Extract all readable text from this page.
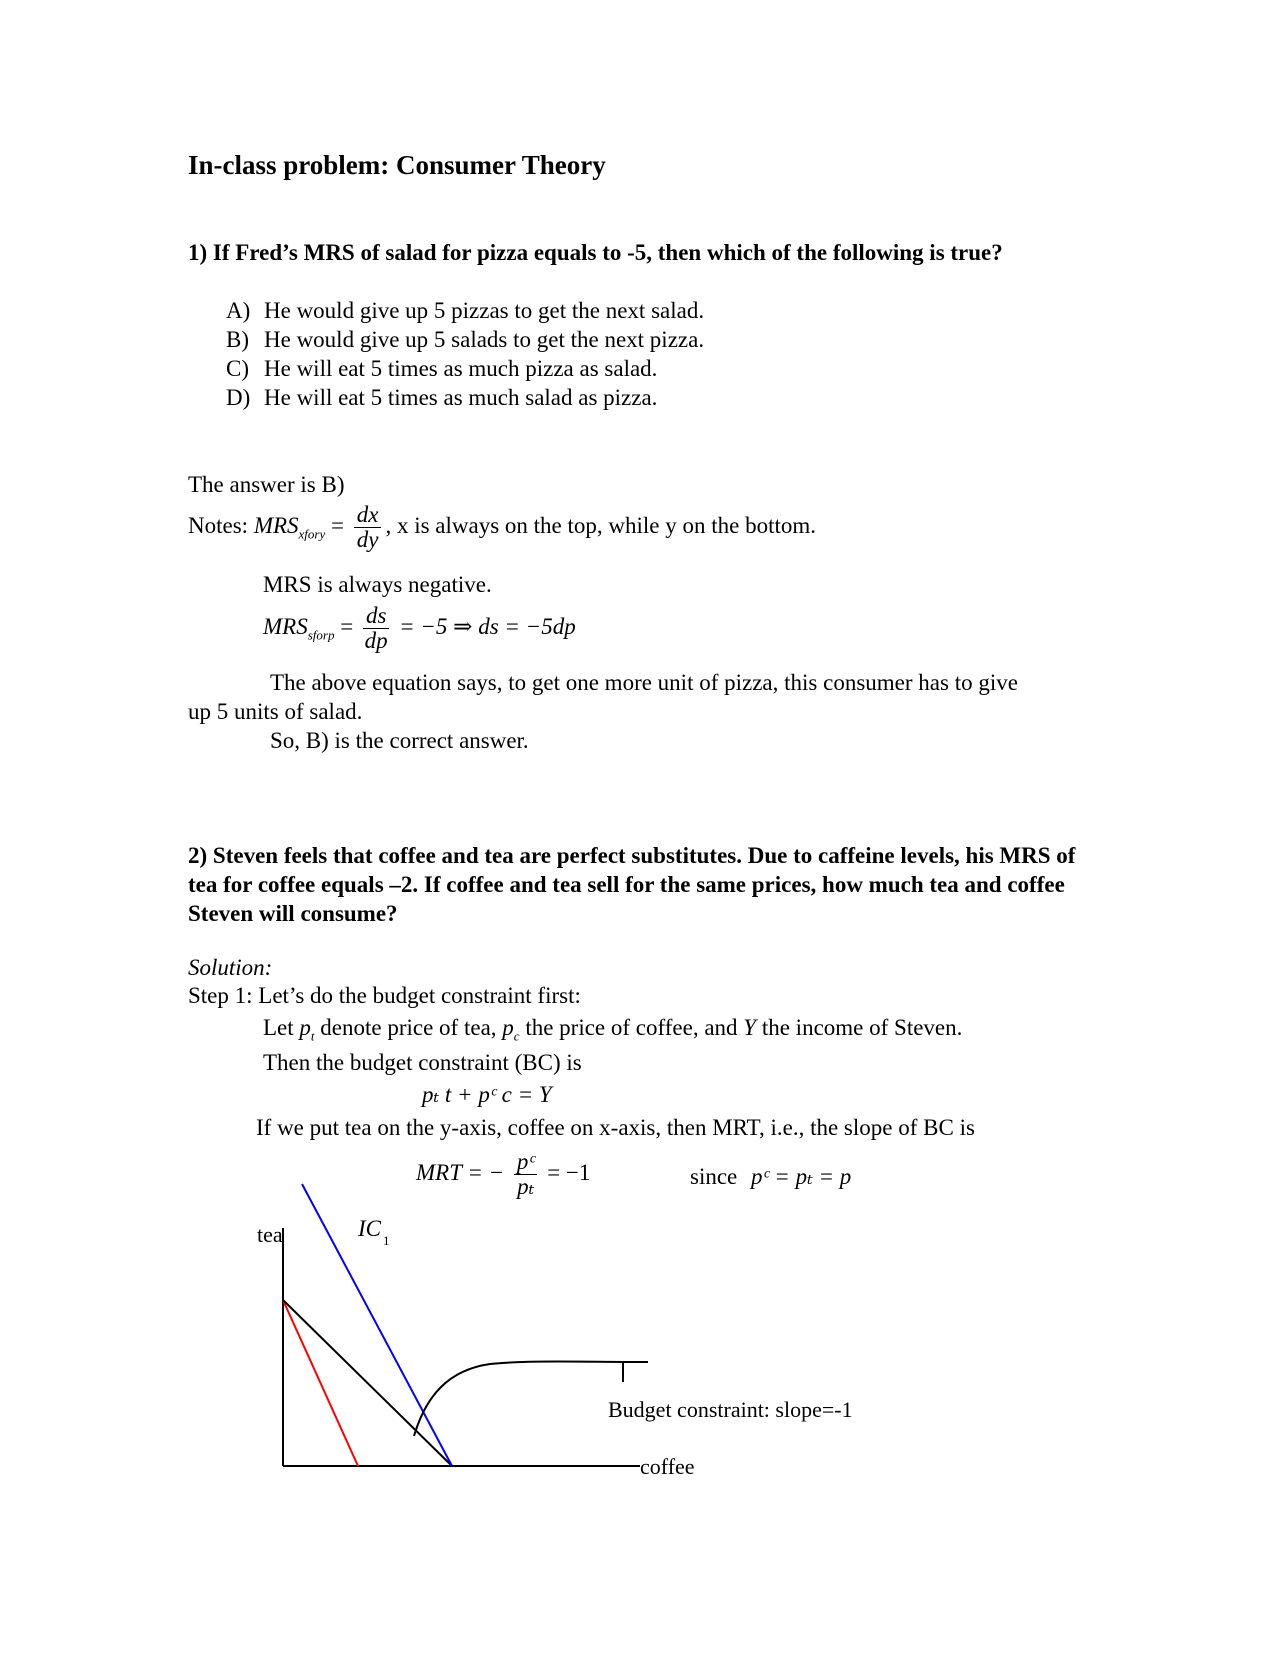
In-class problem: Consumer Theory
1) If Fred’s MRS of salad for pizza equals to -5, then which of the following is true?
A) He would give up 5 pizzas to get the next salad.
B) He would give up 5 salads to get the next pizza.
C) He will eat 5 times as much pizza as salad.
D) He will eat 5 times as much salad as pizza.
The answer is B)
Notes: $MRS_{xfory} = \frac{dx}{dy}$ , x is always on the top, while y on the bottom.
MRS is always negative.
$MRS_{sforp} = \frac{ds}{dp} = -5$ ⇒ ds = −5dp
The above equation says, to get one more unit of pizza, this consumer has to give
up 5 units of salad.
So, B) is the correct answer.
2) Steven feels that coffee and tea are perfect substitutes. Due to caffeine levels, his MRS of tea for coffee equals –2. If coffee and tea sell for the same prices, how much tea and coffee Steven will consume?
Solution:
Step 1: Let’s do the budget constraint first:
Let $p_t$ denote price of tea, $p_c$ the price of coffee, and Y the income of Steven.
Then the budget constraint (BC) is
pₜ t + pᶜ c = Y
If we put tea on the y-axis, coffee on x-axis, then MRT, i.e., the slope of BC is
MRT = − $\frac{\text{pᶜ}}{\text{pₜ}} = -1$	since pᶜ = pₜ = p
tea	IC 1
Budget constraint: slope=-1
coffee
